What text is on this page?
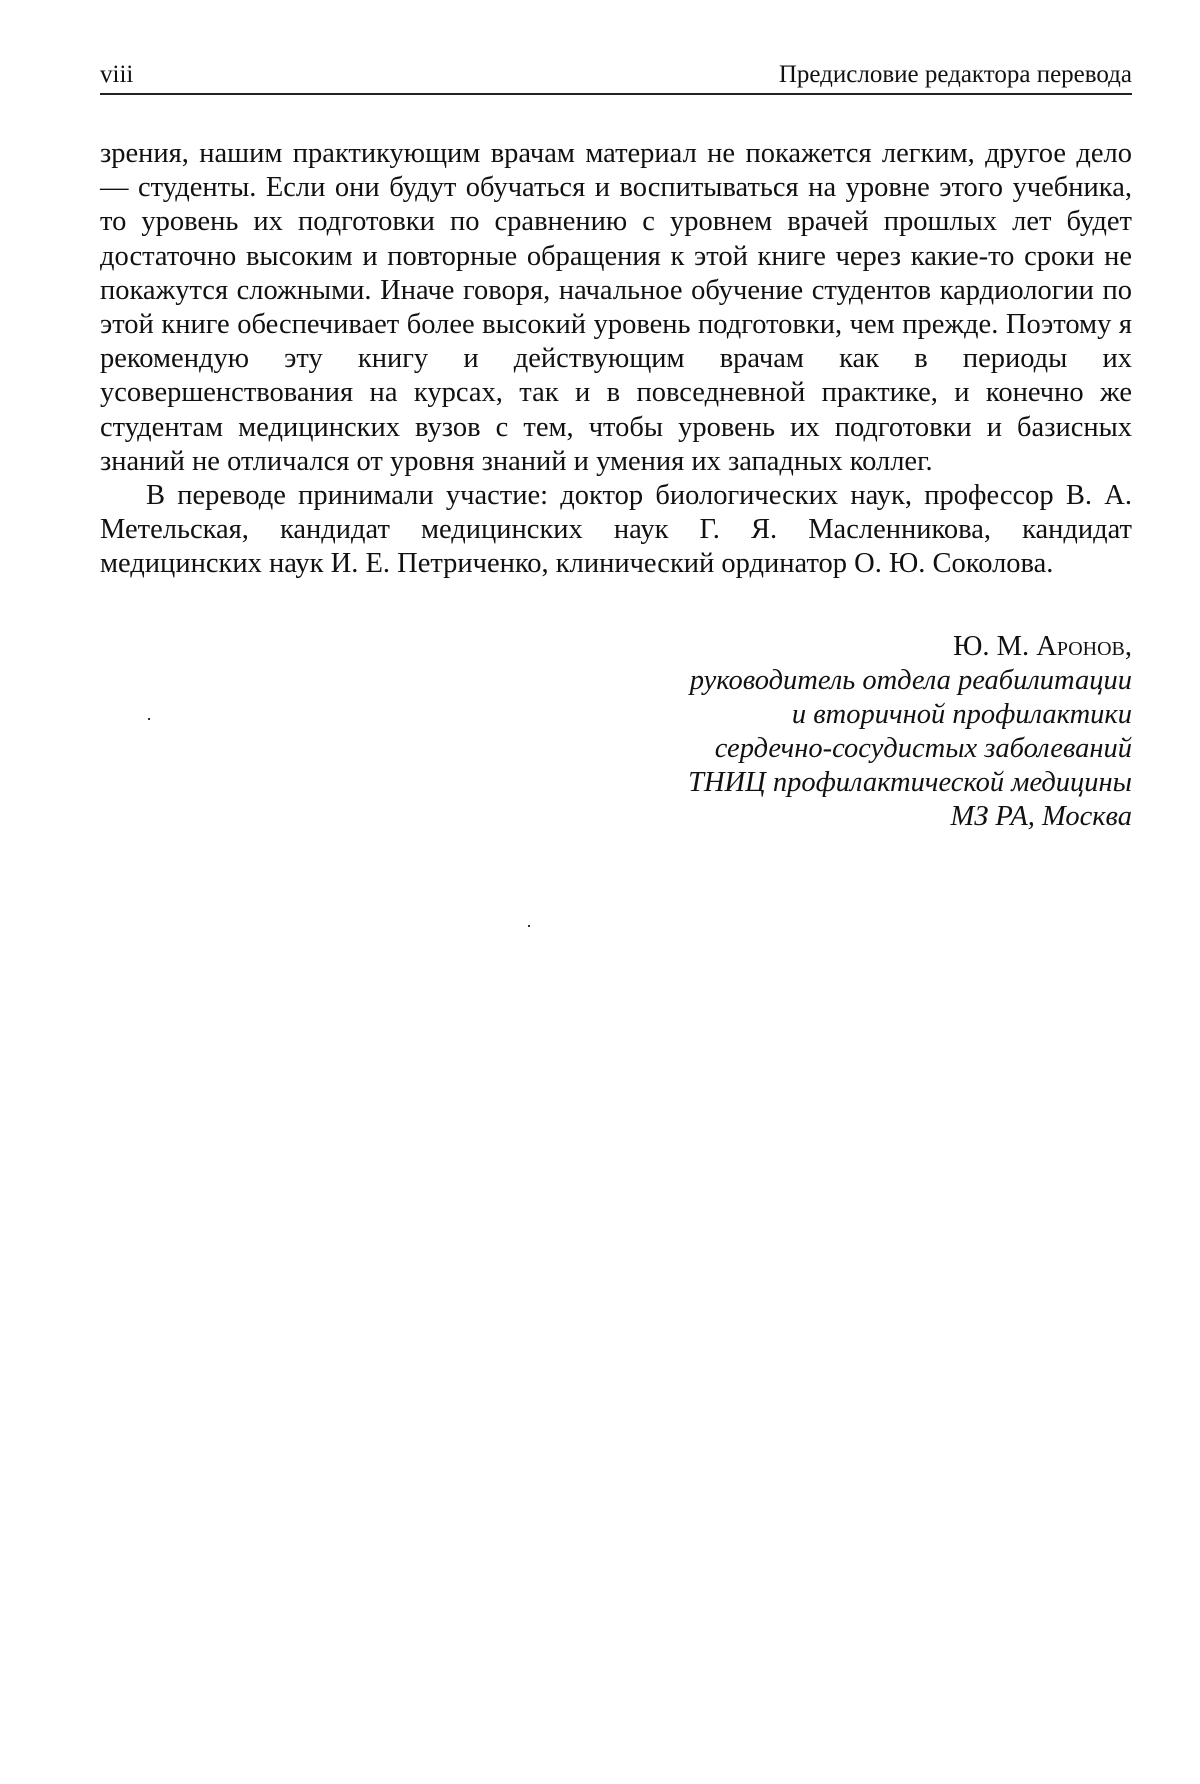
viii	Предисловие редактора перевода

зрения, нашим практикующим врачам материал не покажется легким, другое дело — студенты. Если они будут обучаться и воспитываться на уровне этого учебника, то уровень их подготовки по сравнению с уровнем врачей прошлых лет будет достаточно высоким и повторные обращения к этой книге через какие-то сроки не покажутся сложными. Иначе говоря, начальное обучение студентов кардиологии по этой книге обеспечивает более высокий уровень подготовки, чем прежде. Поэтому я рекомендую эту книгу и действующим врачам как в периоды их усовершенствования на курсах, так и в повседневной практике, и конечно же студентам медицинских вузов с тем, чтобы уровень их подготовки и базисных знаний не отличался от уровня знаний и умения их западных коллег.

В переводе принимали участие: доктор биологических наук, профессор В. А. Метельская, кандидат медицинских наук Г. Я. Масленникова, кандидат медицинских наук И. Е. Петриченко, клинический ординатор О. Ю. Соколова.

Ю. М. Аронов,
руководитель отдела реабилитации
и вторичной профилактики
сердечно-сосудистых заболеваний
ТНИЦ профилактической медицины
МЗ РА, Москва
